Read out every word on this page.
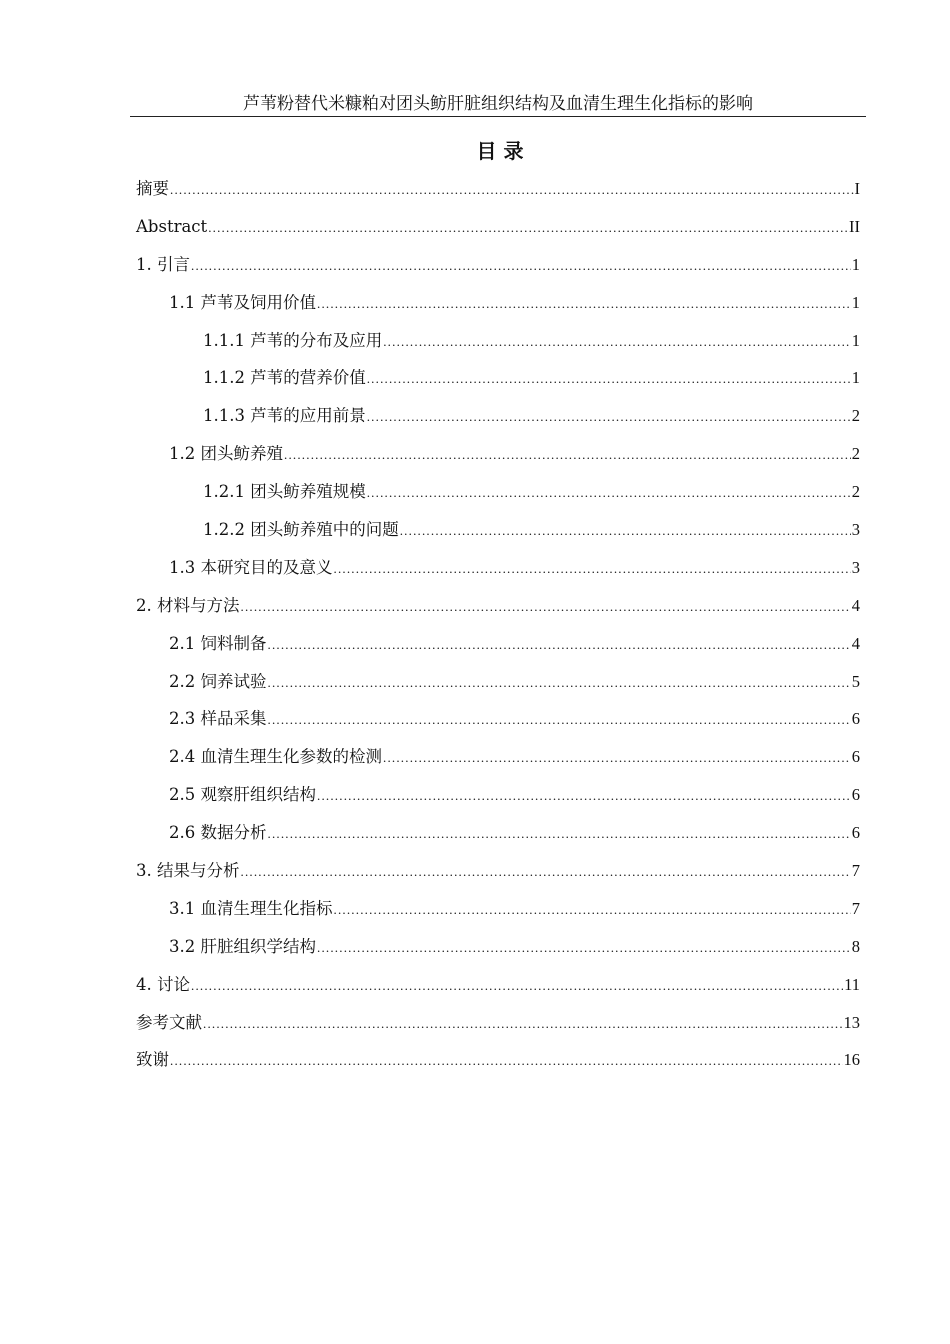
芦苇粉替代米糠粕对团头鲂肝脏组织结构及血清生理生化指标的影响
目 录
摘要 .....	I
Abstract .....	II
1. 引言 .....	1
1.1 芦苇及饲用价值 .....	1
1.1.1 芦苇的分布及应用 .....	1
1.1.2 芦苇的营养价值 .....	1
1.1.3 芦苇的应用前景 .....	2
1.2 团头鲂养殖 .....	2
1.2.1 团头鲂养殖规模 .....	2
1.2.2 团头鲂养殖中的问题 .....	3
1.3 本研究目的及意义 .....	3
2. 材料与方法 .....	4
2.1 饲料制备 .....	4
2.2 饲养试验 .....	5
2.3 样品采集 .....	6
2.4 血清生理生化参数的检测 .....	6
2.5 观察肝组织结构 .....	6
2.6 数据分析 .....	6
3. 结果与分析 .....	7
3.1 血清生理生化指标 .....	7
3.2 肝脏组织学结构 .....	8
4. 讨论 .....	11
参考文献 .....	13
致谢 .....	16
